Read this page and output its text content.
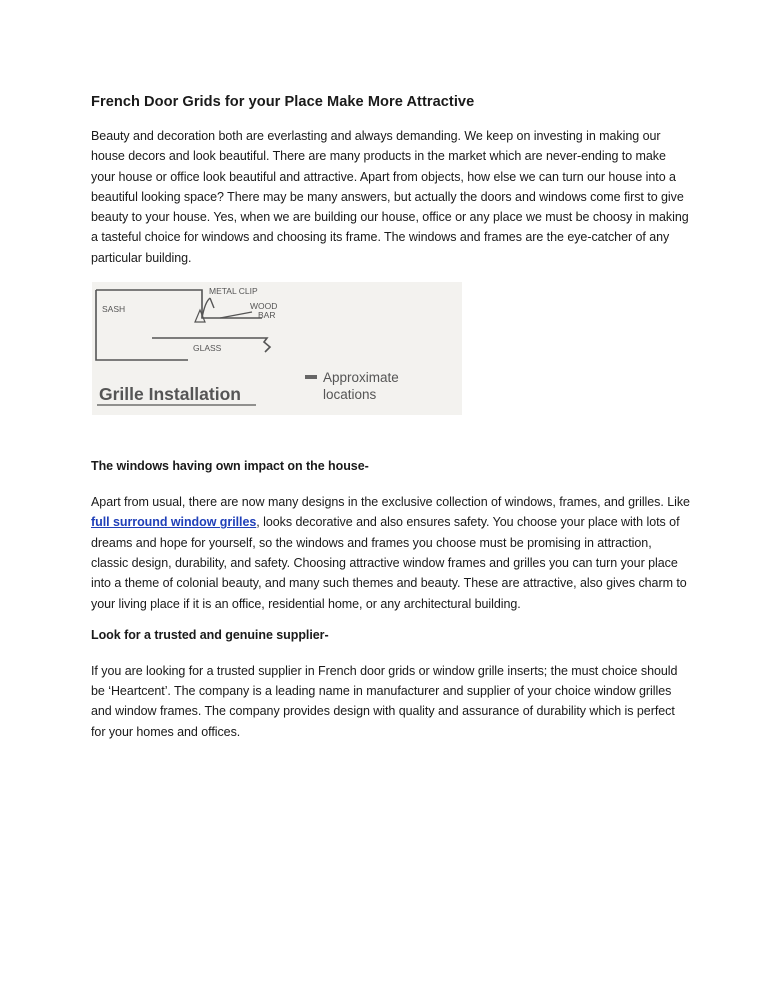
French Door Grids for your Place Make More Attractive

Beauty and decoration both are everlasting and always demanding. We keep on investing in making our house decors and look beautiful. There are many products in the market which are never-ending to make your house or office look beautiful and attractive. Apart from objects, how else we can turn our house into a beautiful looking space? There may be many answers, but actually the doors and windows come first to give beauty to your house. Yes, when we are building our house, office or any place we must be choosy in making a tasteful choice for windows and choosing its frame. The windows and frames are the eye-catcher of any particular building.

METAL CLIP
SASH	WOOD
BAR
GLASS
Grille Installation
Approximate
locations
The windows having own impact on the house-

Apart from usual, there are now many designs in the exclusive collection of windows, frames, and grilles. Like full surround window grilles, looks decorative and also ensures safety. You choose your place with lots of dreams and hope for yourself, so the windows and frames you choose must be promising in attraction, classic design, durability, and safety. Choosing attractive window frames and grilles you can turn your place into a theme of colonial beauty, and many such themes and beauty. These are attractive, also gives charm to your living place if it is an office, residential home, or any architectural building.

Look for a trusted and genuine supplier-

If you are looking for a trusted supplier in French door grids or window grille inserts; the must choice should be ‘Heartcent’. The company is a leading name in manufacturer and supplier of your choice window grilles and window frames. The company provides design with quality and assurance of durability which is perfect for your homes and offices.
